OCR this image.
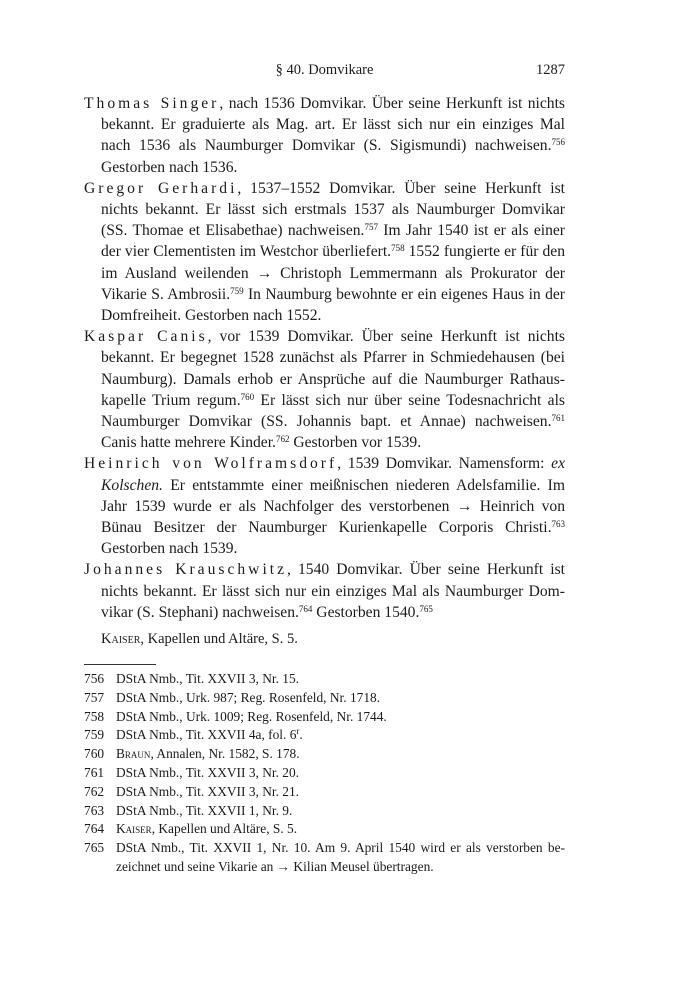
§ 40. Domvikare	1287

Thomas Singer, nach 1536 Domvikar. Über seine Herkunft ist nichts bekannt. Er graduierte als Mag. art. Er lässt sich nur ein einziges Mal nach 1536 als Naumburger Domvikar (S. Sigismundi) nachweisen.$^{756}$ Gestorben nach 1536.

Gregor Gerhardi, 1537–1552 Domvikar. Über seine Herkunft ist nichts bekannt. Er lässt sich erstmals 1537 als Naumburger Domvikar (SS. Thomae et Elisabethae) nachweisen.$^{757}$ Im Jahr 1540 ist er als einer der vier Clementisten im Westchor überliefert.$^{758}$ 1552 fungierte er für den im Ausland weilenden → Christoph Lemmermann als Prokurator der Vikarie S. Ambrosii.$^{759}$ In Naumburg bewohnte er ein eigenes Haus in der Domfreiheit. Gestorben nach 1552.

Kaspar Canis, vor 1539 Domvikar. Über seine Herkunft ist nichts bekannt. Er begegnet 1528 zunächst als Pfarrer in Schmiedehausen (bei Naumburg). Damals erhob er Ansprüche auf die Naumburger Rathauskapelle Trium regum.$^{760}$ Er lässt sich nur über seine Todesnachricht als Naumburger Domvikar (SS. Johannis bapt. et Annae) nachweisen.$^{761}$ Canis hatte mehrere Kinder.$^{762}$ Gestorben vor 1539.

Heinrich von Wolframsdorf, 1539 Domvikar. Namensform: ex Kolschen. Er entstammte einer meißnischen niederen Adelsfamilie. Im Jahr 1539 wurde er als Nachfolger des verstorbenen → Heinrich von Bünau Besitzer der Naumburger Kurienkapelle Corporis Christi.$^{763}$ Gestorben nach 1539.

Johannes Krauschwitz, 1540 Domvikar. Über seine Herkunft ist nichts bekannt. Er lässt sich nur ein einziges Mal als Naumburger Domvikar (S. Stephani) nachweisen.$^{764}$ Gestorben 1540.$^{765}$

Kaiser, Kapellen und Altäre, S. 5.
756 DStA Nmb., Tit. XXVII 3, Nr. 15.
757 DStA Nmb., Urk. 987; Reg. Rosenfeld, Nr. 1718.
758 DStA Nmb., Urk. 1009; Reg. Rosenfeld, Nr. 1744.
759 DStA Nmb., Tit. XXVII 4a, fol. 6$^r$.
760 Braun, Annalen, Nr. 1582, S. 178.
761 DStA Nmb., Tit. XXVII 3, Nr. 20.
762 DStA Nmb., Tit. XXVII 3, Nr. 21.
763 DStA Nmb., Tit. XXVII 1, Nr. 9.
764 Kaiser, Kapellen und Altäre, S. 5.
765 DStA Nmb., Tit. XXVII 1, Nr. 10. Am 9. April 1540 wird er als verstorben bezeichnet und seine Vikarie an → Kilian Meusel übertragen.
